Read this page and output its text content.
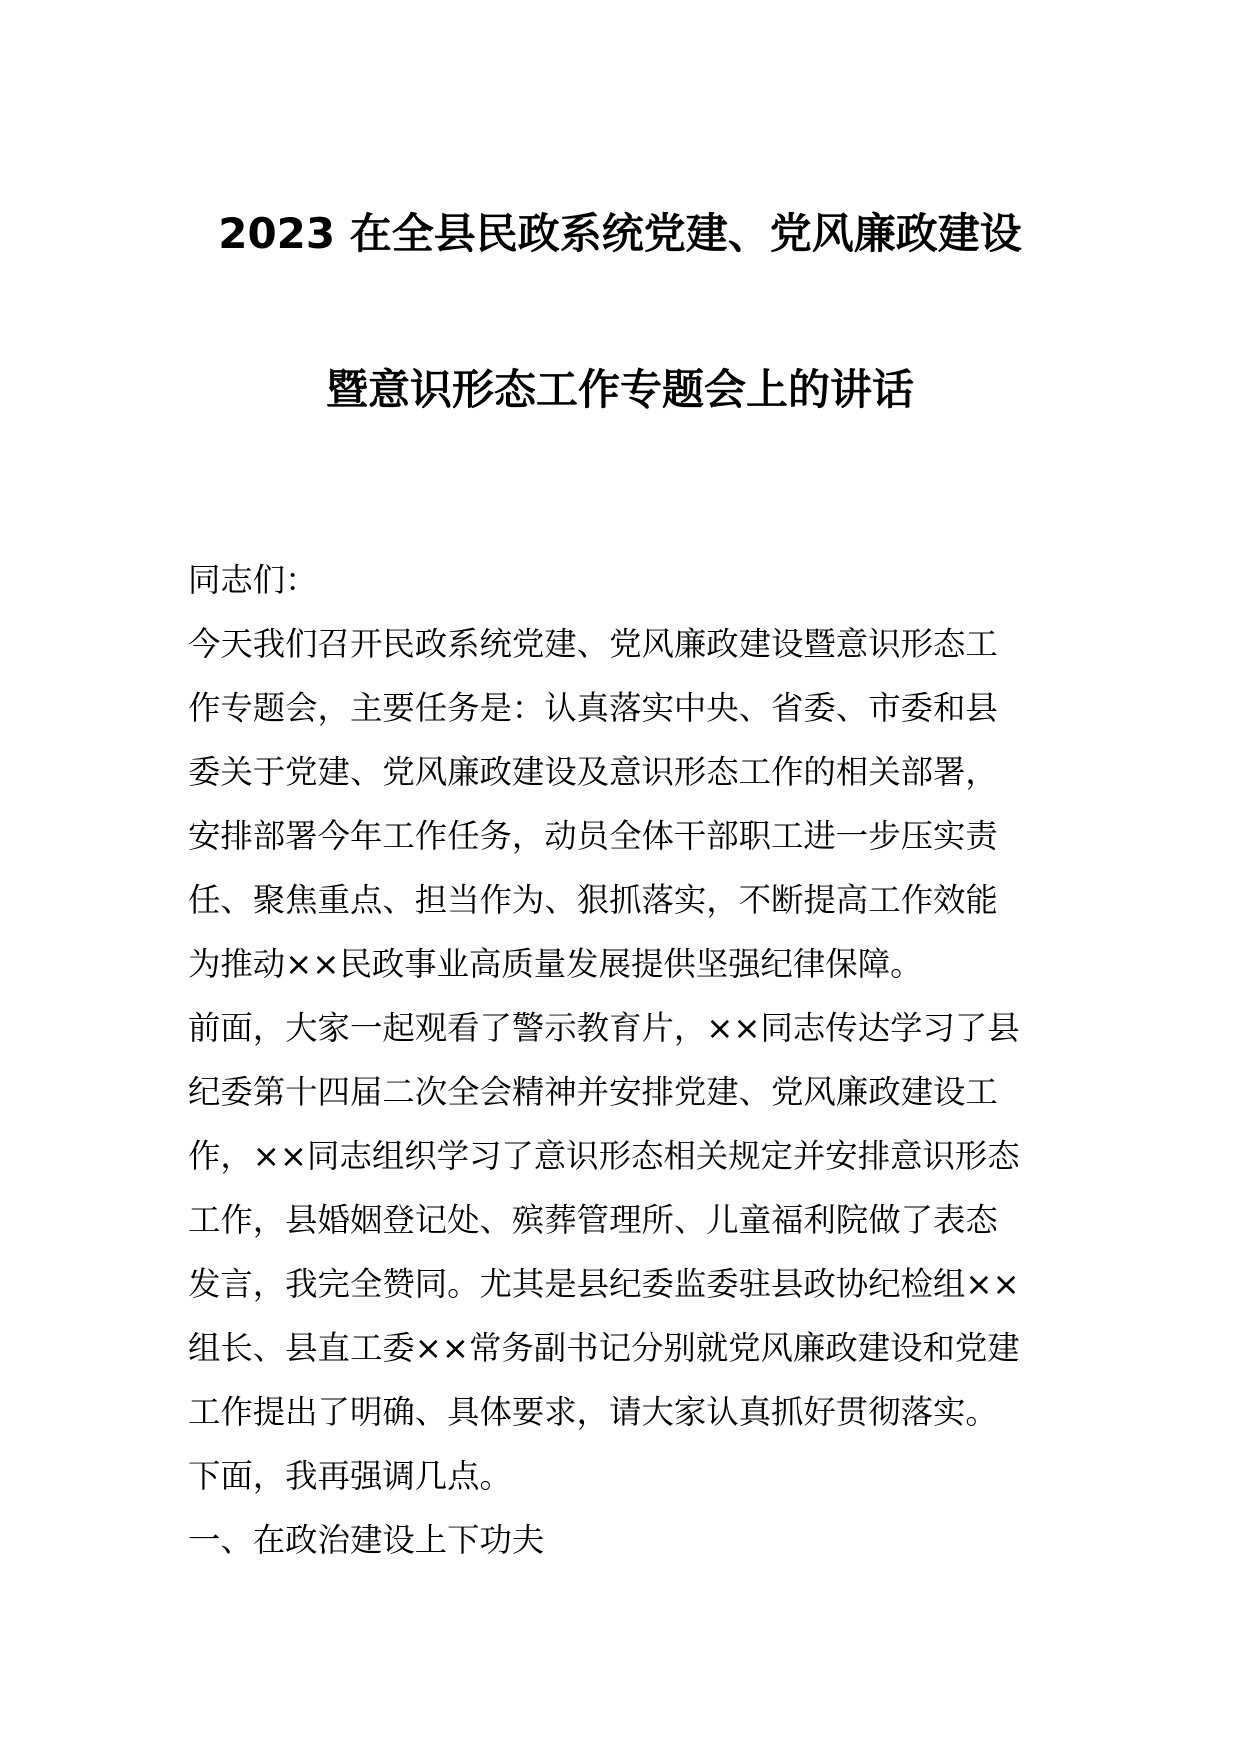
2023 在全县民政系统党建、党风廉政建设
暨意识形态工作专题会上的讲话
同志们：
今天我们召开民政系统党建、党风廉政建设暨意识形态工
作专题会，主要任务是：认真落实中央、省委、市委和县
委关于党建、党风廉政建设及意识形态工作的相关部署，
安排部署今年工作任务，动员全体干部职工进一步压实责
任、聚焦重点、担当作为、狠抓落实，不断提高工作效能
为推动××民政事业高质量发展提供坚强纪律保障。
前面，大家一起观看了警示教育片，××同志传达学习了县
纪委第十四届二次全会精神并安排党建、党风廉政建设工
作，××同志组织学习了意识形态相关规定并安排意识形态
工作，县婚姻登记处、殡葬管理所、儿童福利院做了表态
发言，我完全赞同。尤其是县纪委监委驻县政协纪检组××
组长、县直工委××常务副书记分别就党风廉政建设和党建
工作提出了明确、具体要求，请大家认真抓好贯彻落实。
下面，我再强调几点。
一、在政治建设上下功夫
